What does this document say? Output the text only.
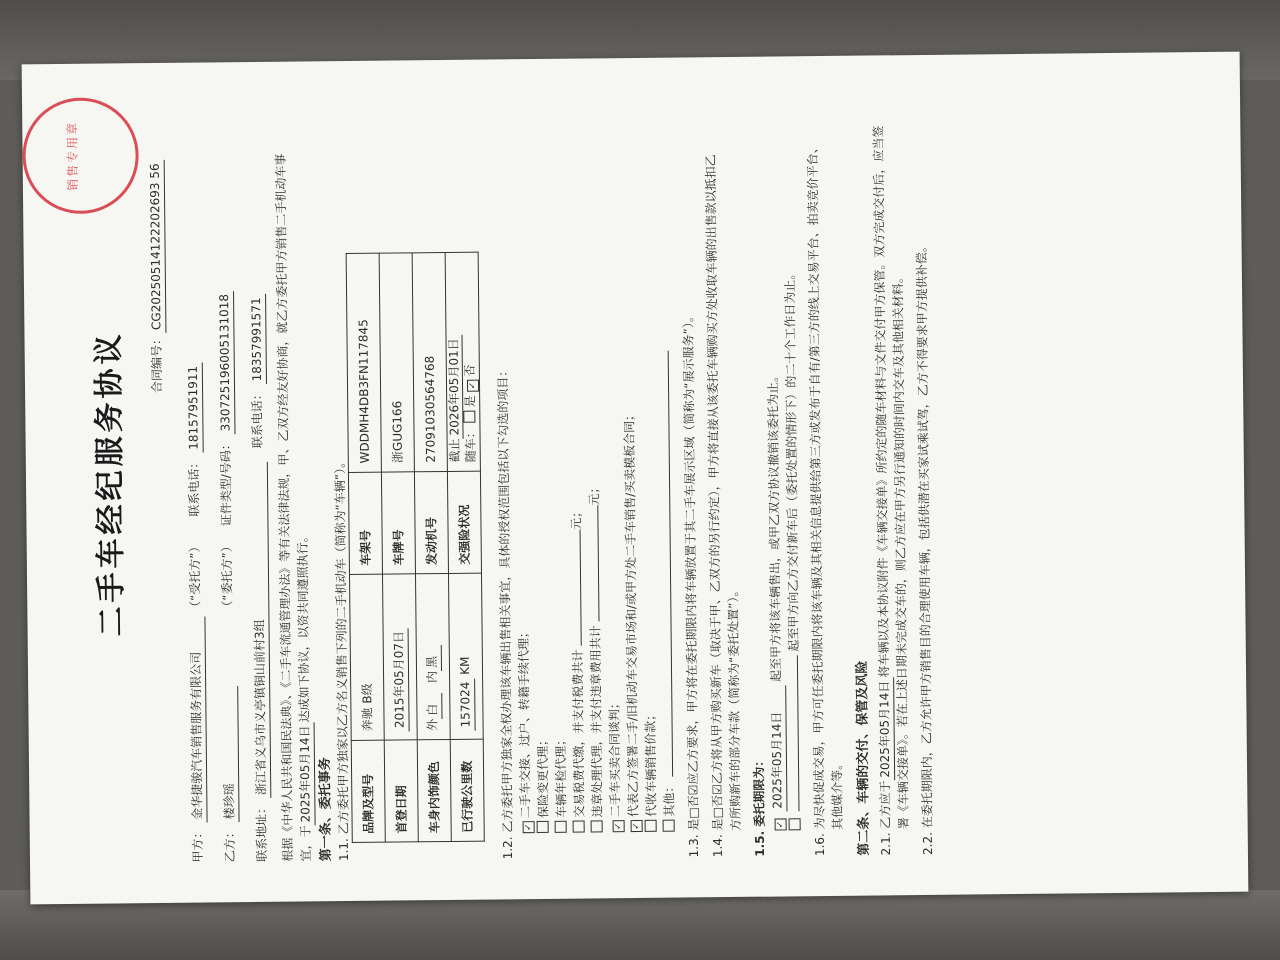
销售专用章
二手车经纪服务协议	合同编号：CG20250514122202693 56
甲方： 金华捷骏汽车销售服务有限公司 （“受托方”） 联系电话： 18157951911
乙方： 楼珍瑶 （“委托方”） 证件类型/号码： 330725196005131018
联系地址： 浙江省义乌市义亭镇铜山前村3组 联系电话： 18357991571 根据《中华人民共和国民法典》、《二手车流通管理办法》等有关法律法规，甲、乙双方经友好协商，就乙方委托甲方销售二手机动车事 宜，于2025年05月14日达成如下协议，以资共同遵照执行。
第一条、委托事务
1.1. 乙方委托甲方独家以乙方名义销售下列的二手机动车（简称为“车辆”）。 品牌及型号	奔驰 B级	车架号	WDDMH4DB3FN117845
首登日期	2015年05月07日	车牌号	浙GUG166
车身内饰颜色	外白 内黑	发动机号	27091030564768
已行驶公里数	157024 KM	交强险状况	截止2026年05月01日
随车： 是 ✓否 1.2. 乙方委托甲方独家全权办理该车辆出售相关事宜，具体的授权范围包括以下勾选的项目：
✓ 二手车交接、过户、转籍手续代理； 保险变更代理； 车辆年检代理； 交易税费代缴，并支付税费共计 元；
违章处理代理，并支付违章费用共计 元；
✓二手车买卖合同谈判；
✓ 代表乙方签署二手/旧机动车交易市场和/或甲方处二手车销售/买卖模板合同； 代收车辆销售价款； 其他： 1.3. 是□否☑应乙方要求，甲方将在委托期限内将车辆放置于其二手车展示区域（简称为“展示服务”）。 1.4. 是□否☑乙方将从甲方购买新车（取决于甲、乙双方的另行约定），甲方将直接从该委托车辆购买方处收取车辆的出售款以抵扣乙 方所购新车的部分车款（简称为“委托处置”）。 1.5. 委托期限为：
✓ 2025年05月14日 起至甲方将该车辆售出，或甲乙双方协议撤销该委托为止。 起至甲方向乙方交付新车后（委托处置的情形下）的二十个工作日为止。 1.6. 为尽快促成交易，甲方可任委托期限内将该车辆及其相关信息提供给第三方或发布于自有/第三方的线上交易平台、拍卖竞价平台、 其他媒介等。 第二条、车辆的交付、保管及风险 2.1. 乙方应于2025年05月14日将车辆以及本协议附件《车辆交接单》所约定的随车材料与文件交付甲方保管。双方完成交付后，应当签 署《车辆交接单》。若在上述日期未完成交车的，则乙方应在甲方另行通知的时间内交车及其他相关材料。 2.2. 在委托期限内，乙方允许甲方销售目的合理使用车辆，包括供潜在买家试乘试驾，乙方不得要求甲方提供补偿。
